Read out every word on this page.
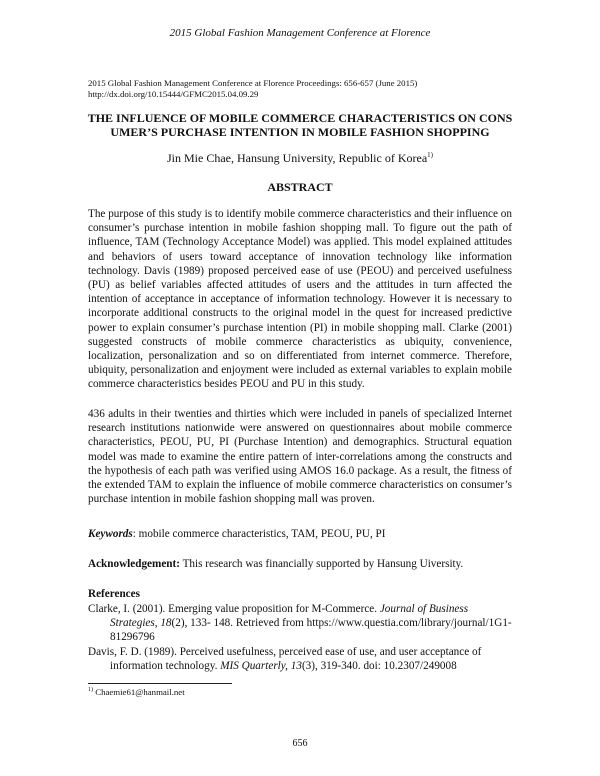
2015 Global Fashion Management Conference at Florence
2015 Global Fashion Management Conference at Florence Proceedings: 656-657 (June 2015)
http://dx.doi.org/10.15444/GFMC2015.04.09.29
THE INFLUENCE OF MOBILE COMMERCE CHARACTERISTICS ON CONS
UMER’S PURCHASE INTENTION IN MOBILE FASHION SHOPPING
Jin Mie Chae, Hansung University, Republic of Korea$^{1)}$
ABSTRACT

The purpose of this study is to identify mobile commerce characteristics and their influence on consumer’s purchase intention in mobile fashion shopping mall. To figure out the path of influence, TAM (Technology Acceptance Model) was applied. This model explained attitudes and behaviors of users toward acceptance of innovation technology like information technology. Davis (1989) proposed perceived ease of use (PEOU) and perceived usefulness (PU) as belief variables affected attitudes of users and the attitudes in turn affected the intention of acceptance in acceptance of information technology. However it is necessary to incorporate additional constructs to the original model in the quest for increased predictive power to explain consumer’s purchase intention (PI) in mobile shopping mall. Clarke (2001) suggested constructs of mobile commerce characteristics as ubiquity, convenience, localization, personalization and so on differentiated from internet commerce. Therefore, ubiquity, personalization and enjoyment were included as external variables to explain mobile commerce characteristics besides PEOU and PU in this study.

436 adults in their twenties and thirties which were included in panels of specialized Internet research institutions nationwide were answered on questionnaires about mobile commerce characteristics, PEOU, PU, PI (Purchase Intention) and demographics. Structural equation model was made to examine the entire pattern of inter-correlations among the constructs and the hypothesis of each path was verified using AMOS 16.0 package. As a result, the fitness of the extended TAM to explain the influence of mobile commerce characteristics on consumer’s purchase intention in mobile fashion shopping mall was proven.

Keywords: mobile commerce characteristics, TAM, PEOU, PU, PI
Acknowledgement: This research was financially supported by Hansung Uiversity.
References

Clarke, I. (2001). Emerging value proposition for M-Commerce. Journal of Business Strategies, 18(2), 133- 148. Retrieved from https://www.questia.com/library/journal/1G1-81296796

Davis, F. D. (1989). Perceived usefulness, perceived ease of use, and user acceptance of information technology. MIS Quarterly, 13(3), 319-340. doi: 10.2307/249008

$^{1)}$ Chaemie61@hanmail.net
656
